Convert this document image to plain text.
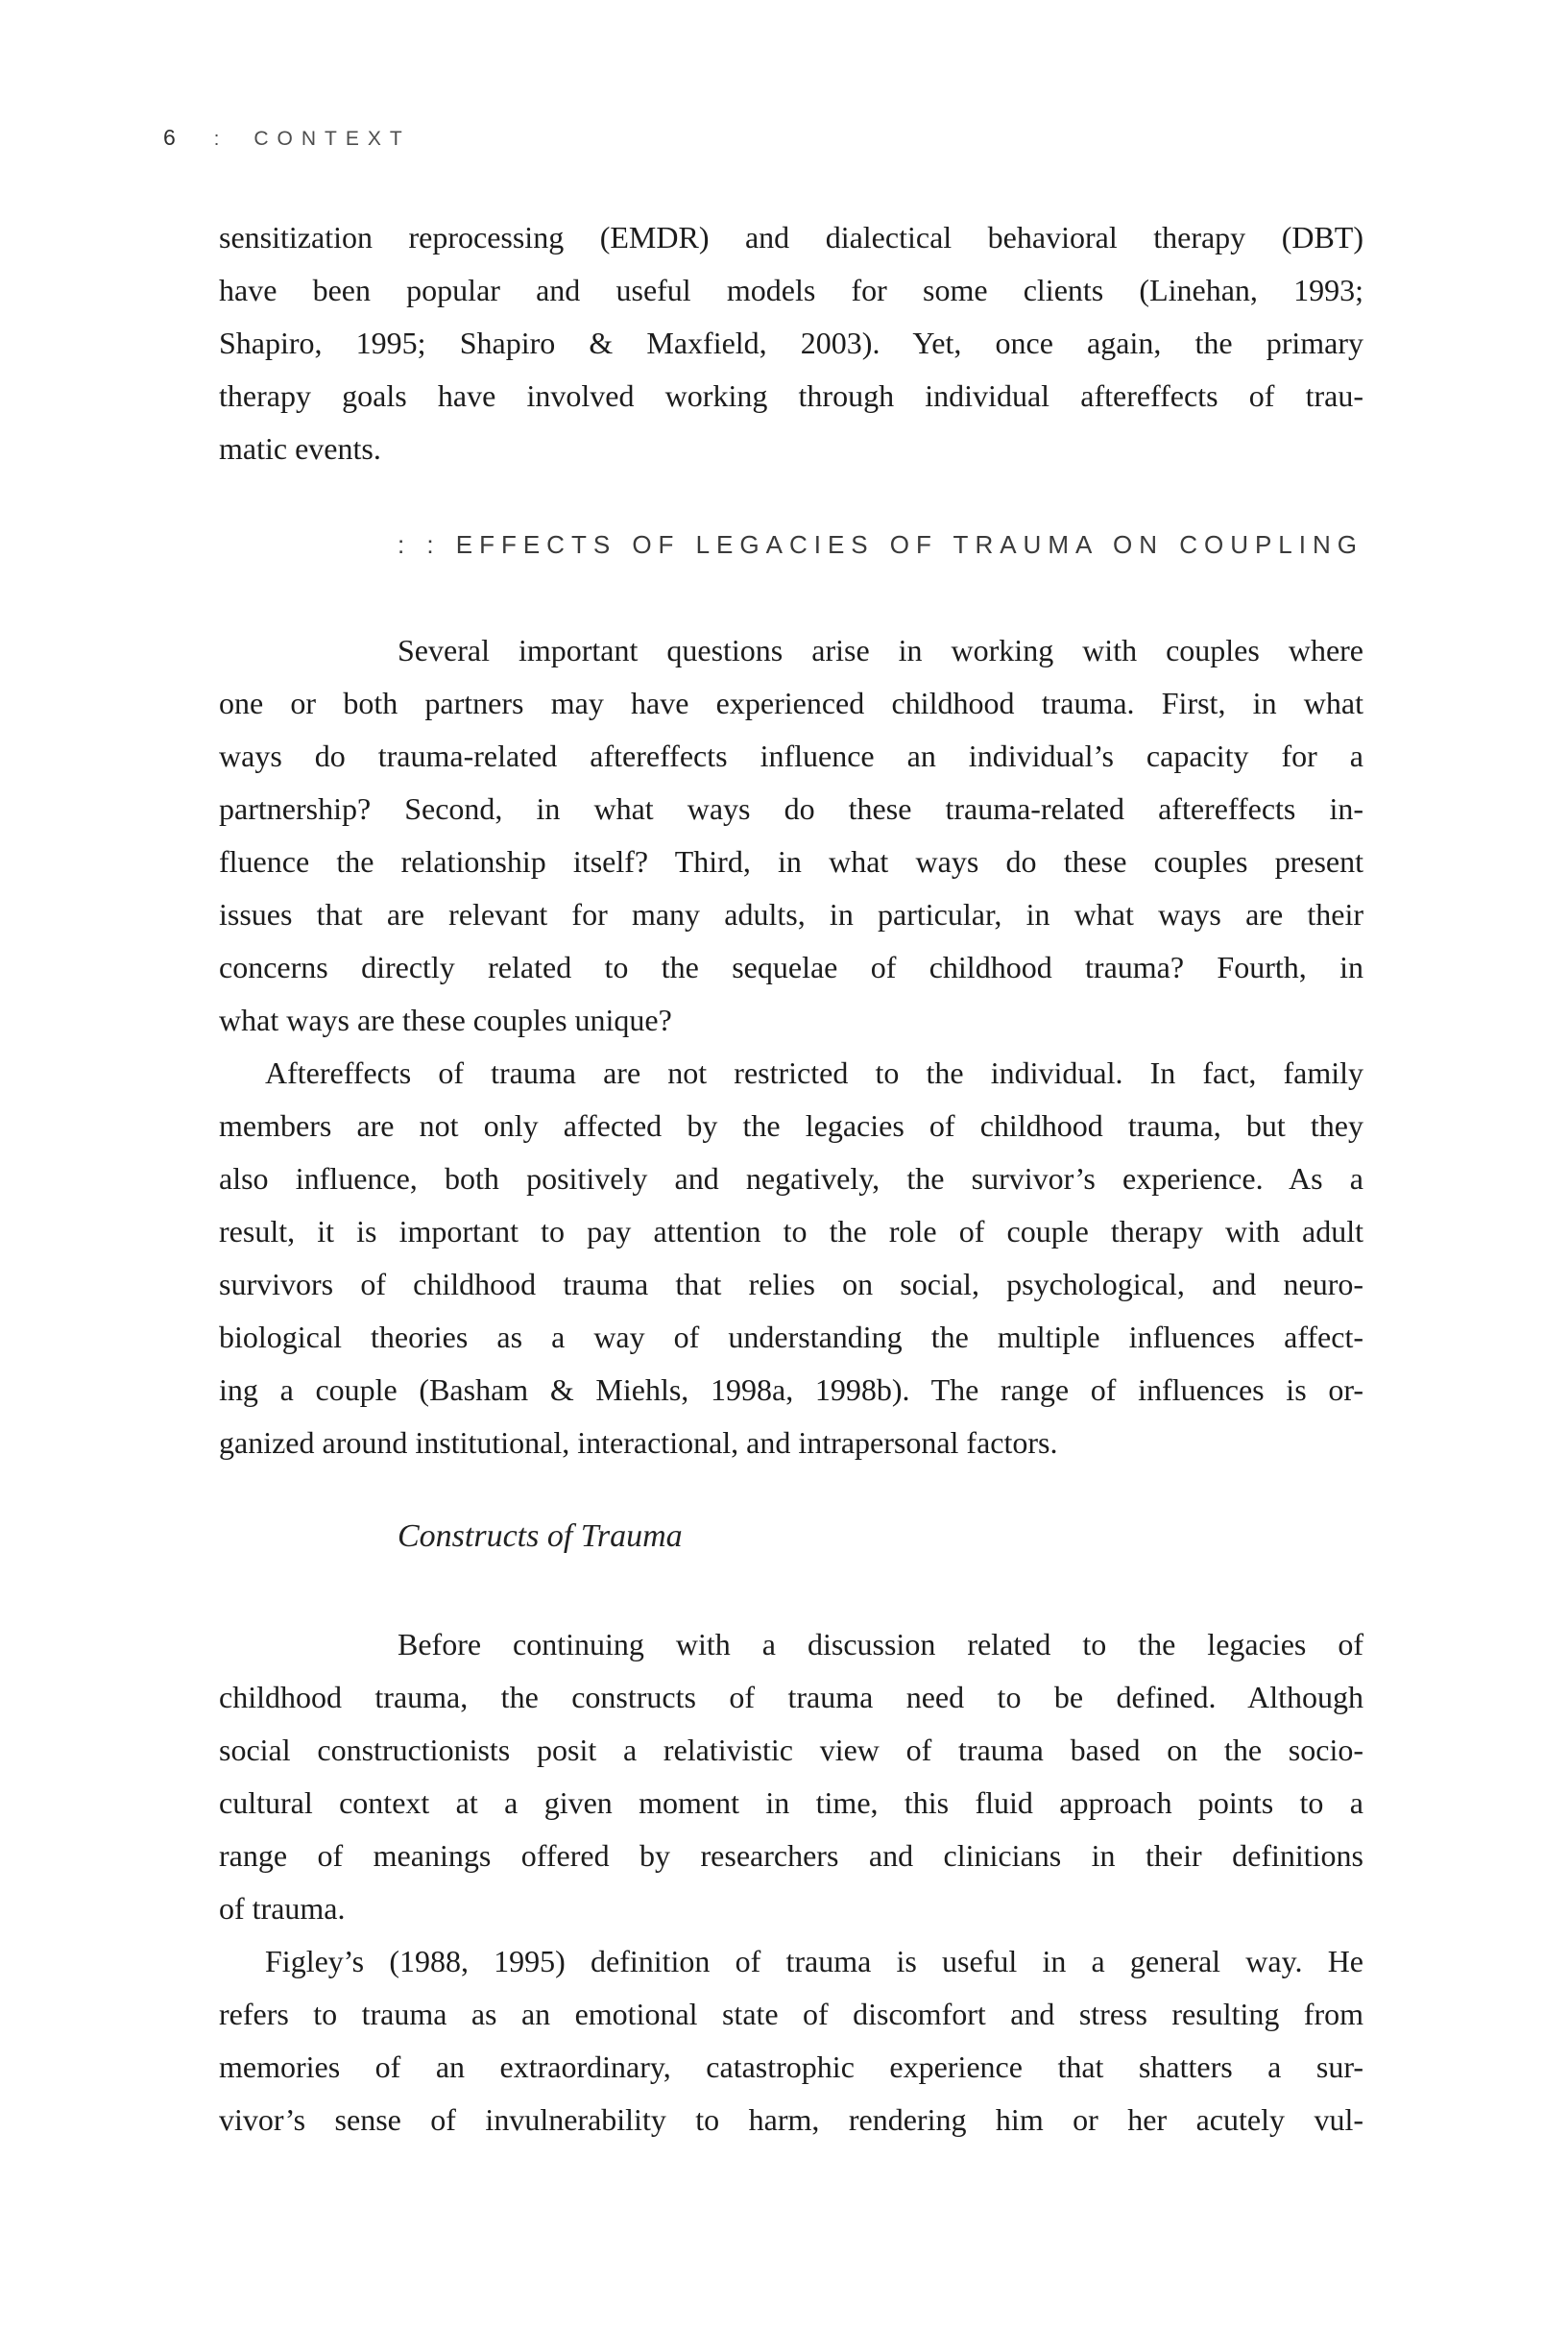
6 : CONTEXT
sensitization reprocessing (EMDR) and dialectical behavioral therapy (DBT)
have been popular and useful models for some clients (Linehan, 1993;
Shapiro, 1995; Shapiro & Maxfield, 2003). Yet, once again, the primary
therapy goals have involved working through individual aftereffects of trau-
matic events.
: : EFFECTS OF LEGACIES OF TRAUMA ON COUPLING
Several important questions arise in working with couples where
one or both partners may have experienced childhood trauma. First, in what
ways do trauma-related aftereffects influence an individual’s capacity for a
partnership? Second, in what ways do these trauma-related aftereffects in-
fluence the relationship itself? Third, in what ways do these couples present
issues that are relevant for many adults, in particular, in what ways are their
concerns directly related to the sequelae of childhood trauma? Fourth, in
what ways are these couples unique?
Aftereffects of trauma are not restricted to the individual. In fact, family
members are not only affected by the legacies of childhood trauma, but they
also influence, both positively and negatively, the survivor’s experience. As a
result, it is important to pay attention to the role of couple therapy with adult
survivors of childhood trauma that relies on social, psychological, and neuro-
biological theories as a way of understanding the multiple influences affect-
ing a couple (Basham & Miehls, 1998a, 1998b). The range of influences is or-
ganized around institutional, interactional, and intrapersonal factors.
Constructs of Trauma
Before continuing with a discussion related to the legacies of
childhood trauma, the constructs of trauma need to be defined. Although
social constructionists posit a relativistic view of trauma based on the socio-
cultural context at a given moment in time, this fluid approach points to a
range of meanings offered by researchers and clinicians in their definitions
of trauma.
Figley’s (1988, 1995) definition of trauma is useful in a general way. He
refers to trauma as an emotional state of discomfort and stress resulting from
memories of an extraordinary, catastrophic experience that shatters a sur-
vivor’s sense of invulnerability to harm, rendering him or her acutely vul-
